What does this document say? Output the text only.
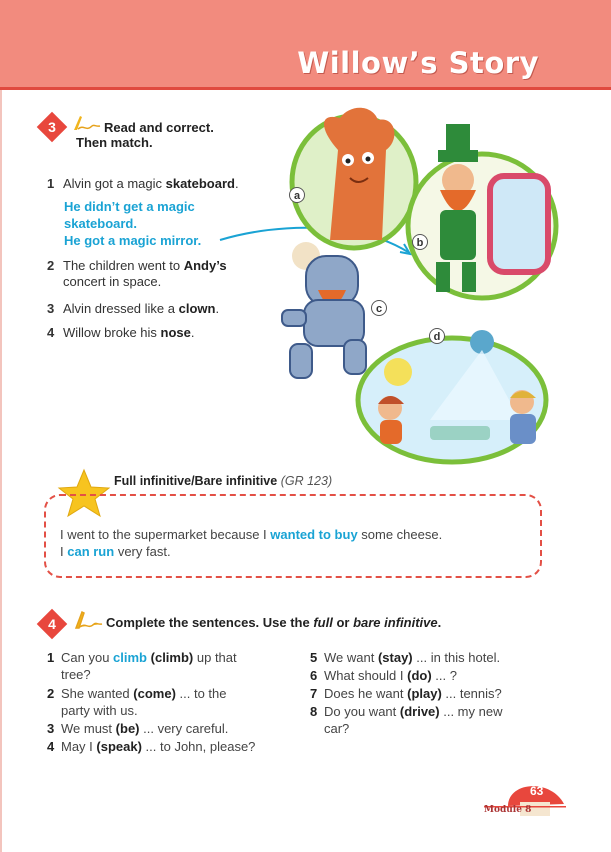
Willow’s Story
3	Read and correct.
Then match.
1 Alvin got a magic skateboard.
He didn’t get a magic
skateboard.
He got a magic mirror.
2 The children went to Andy’s
concert in space.
3 Alvin dressed like a clown.
4 Willow broke his nose.
a
b
c
d
Full infinitive/Bare infinitive (GR 123)
I went to the supermarket because I wanted to buy some cheese.
I can run very fast.
4	Complete the sentences. Use the full or bare infinitive.
1 Can you climb (climb) up that
tree?
2 She wanted (come) ... to the
party with us.
3 We must (be) ... very careful.
4 May I (speak) ... to John, please?
5 We want (stay) ... in this hotel.
6 What should I (do) ... ?
7 Does he want (play) ... tennis?
8 Do you want (drive) ... my new
car?
63
Module 8
